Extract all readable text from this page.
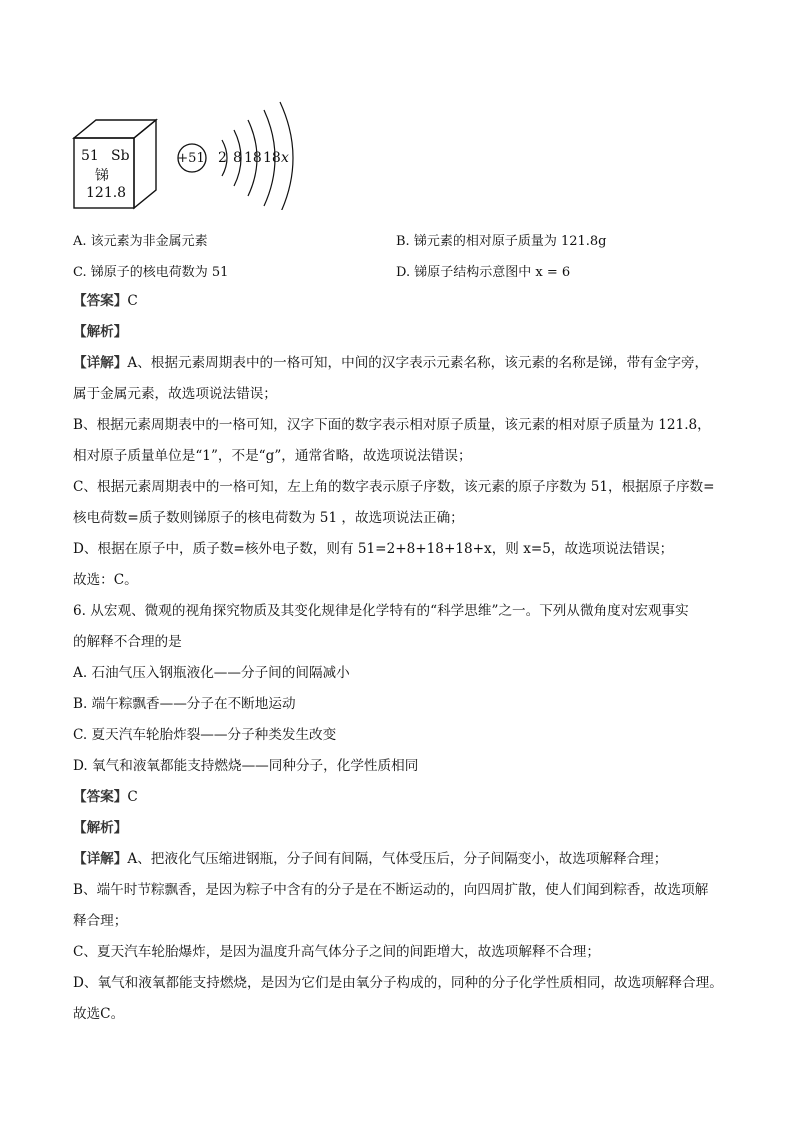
51 Sb
锑
121.8
+51 2 8 18 18 x
A. 该元素为非金属元素	B. 锑元素的相对原子质量为 121.8g
C. 锑原子的核电荷数为 51	D. 锑原子结构示意图中 x = 6
【答案】C
【解析】
【详解】A、根据元素周期表中的一格可知，中间的汉字表示元素名称，该元素的名称是锑，带有金字旁，
属于金属元素，故选项说法错误；
B、根据元素周期表中的一格可知，汉字下面的数字表示相对原子质量，该元素的相对原子质量为 121.8，
相对原子质量单位是“1”，不是“g”，通常省略，故选项说法错误；
C、根据元素周期表中的一格可知，左上角的数字表示原子序数，该元素的原子序数为 51，根据原子序数=
核电荷数=质子数则锑原子的核电荷数为 51 ，故选项说法正确；
D、根据在原子中，质子数=核外电子数，则有 51=2+8+18+18+x，则 x=5，故选项说法错误；
故选：C。
6. 从宏观、微观的视角探究物质及其变化规律是化学特有的“科学思维”之一。下列从微角度对宏观事实
的解释不合理的是
A. 石油气压入钢瓶液化——分子间的间隔减小
B. 端午粽飘香——分子在不断地运动
C. 夏天汽车轮胎炸裂——分子种类发生改变
D. 氧气和液氧都能支持燃烧——同种分子，化学性质相同
【答案】C
【解析】
【详解】A、把液化气压缩进钢瓶，分子间有间隔，气体受压后，分子间隔变小，故选项解释合理；
B、端午时节粽飘香，是因为粽子中含有的分子是在不断运动的，向四周扩散，使人们闻到粽香，故选项解
释合理；
C、夏天汽车轮胎爆炸，是因为温度升高气体分子之间的间距增大，故选项解释不合理；
D、氧气和液氧都能支持燃烧，是因为它们是由氧分子构成的，同种的分子化学性质相同，故选项解释合理。
故选C。
